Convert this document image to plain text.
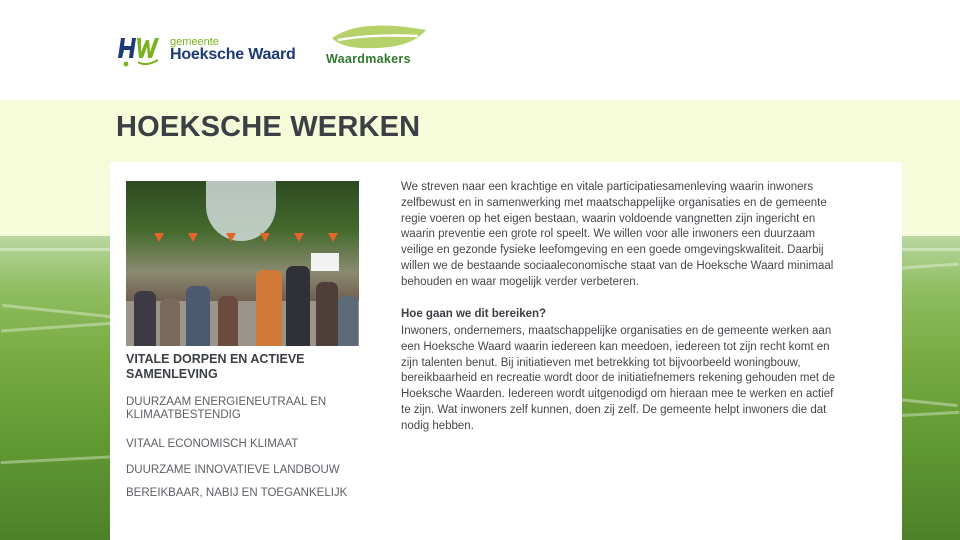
gemeente
Hoeksche Waard Waardmakers
HOEKSCHE WERKEN
VITALE DORPEN EN ACTIEVE SAMENLEVING
DUURZAAM ENERGIENEUTRAAL EN KLIMAATBESTENDIG
VITAAL ECONOMISCH KLIMAAT
DUURZAME INNOVATIEVE LANDBOUW
BEREIKBAAR, NABIJ EN TOEGANKELIJK

We streven naar een krachtige en vitale participatiesamenleving waarin inwoners zelfbewust en in samenwerking met maatschappelijke organisaties en de gemeente regie voeren op het eigen bestaan, waarin voldoende vangnetten zijn ingericht en waarin preventie een grote rol speelt. We willen voor alle inwoners een duurzaam veilige en gezonde fysieke leefomgeving en een goede omgevingskwaliteit. Daarbij willen we de bestaande sociaaleconomische staat van de Hoeksche Waard minimaal behouden en waar mogelijk verder verbeteren.

Hoe gaan we dit bereiken?

Inwoners, ondernemers, maatschappelijke organisaties en de gemeente werken aan een Hoeksche Waard waarin iedereen kan meedoen, iedereen tot zijn recht komt en zijn talenten benut. Bij initiatieven met betrekking tot bijvoorbeeld woningbouw, bereikbaarheid en recreatie wordt door de initiatiefnemers rekening gehouden met de Hoeksche Waarden. Iedereen wordt uitgenodigd om hieraan mee te werken en actief te zijn. Wat inwoners zelf kunnen, doen zij zelf. De gemeente helpt inwoners die dat nodig hebben.
